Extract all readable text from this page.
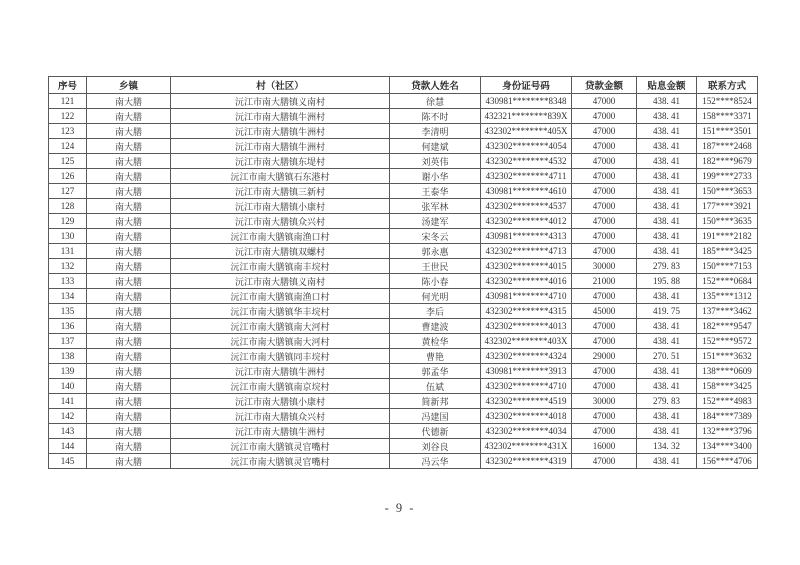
序号	乡镇	村（社区）	贷款人姓名	身份证号码	贷款金额	贴息金额	联系方式
121	南大膳	沅江市南大膳镇义南村	徐慧	430981********8348	47000	438. 41	152****8524
122	南大膳	沅江市南大膳镇牛洲村	陈不时	432321********839X	47000	438. 41	158****3371
123	南大膳	沅江市南大膳镇牛洲村	李清明	432302********405X	47000	438. 41	151****3501
124	南大膳	沅江市南大膳镇牛洲村	何建斌	432302********4054	47000	438. 41	187****2468
125	南大膳	沅江市南大膳镇东堤村	刘英伟	432302********4532	47000	438. 41	182****9679
126	南大膳	沅江市南大膳镇石东港村	谢小华	432302********4711	47000	438. 41	199****2733
127	南大膳	沅江市南大膳镇三新村	王泰华	430981********4610	47000	438. 41	150****3653
128	南大膳	沅江市南大膳镇小康村	张军林	432302********4537	47000	438. 41	177****3921
129	南大膳	沅江市南大膳镇众兴村	汤建军	432302********4012	47000	438. 41	150****3635
130	南大膳	沅江市南大膳镇南渔口村	宋冬云	430981********4313	47000	438. 41	191****2182
131	南大膳	沅江市南大膳镇双螺村	郭永惠	432302********4713	47000	438. 41	185****3425
132	南大膳	沅江市南大膳镇南丰垸村	王世民	432302********4015	30000	279. 83	150****7153
133	南大膳	沅江市南大膳镇义南村	陈小春	432302********4016	21000	195. 88	152****0684
134	南大膳	沅江市南大膳镇南渔口村	何光明	430981********4710	47000	438. 41	135****1312
135	南大膳	沅江市南大膳镇华丰垸村	李后	432302********4315	45000	419. 75	137****3462
136	南大膳	沅江市南大膳镇南大河村	曹建波	432302********4013	47000	438. 41	182****9547
137	南大膳	沅江市南大膳镇南大河村	黄检华	432302********403X	47000	438. 41	152****9572
138	南大膳	沅江市南大膳镇同丰垸村	曹艳	432302********4324	29000	270. 51	151****3632
139	南大膳	沅江市南大膳镇牛洲村	郭孟华	430981********3913	47000	438. 41	138****0609
140	南大膳	沅江市南大膳镇南京垸村	伍斌	432302********4710	47000	438. 41	158****3425
141	南大膳	沅江市南大膳镇小康村	简新邦	432302********4519	30000	279. 83	152****4983
142	南大膳	沅江市南大膳镇众兴村	冯建国	432302********4018	47000	438. 41	184****7389
143	南大膳	沅江市南大膳镇牛洲村	代德新	432302********4034	47000	438. 41	132****3796
144	南大膳	沅江市南大膳镇灵官嘴村	刘谷良	432302********431X	16000	134. 32	134****3400
145	南大膳	沅江市南大膳镇灵官嘴村	冯云华	432302********4319	47000	438. 41	156****4706
- 9 -
